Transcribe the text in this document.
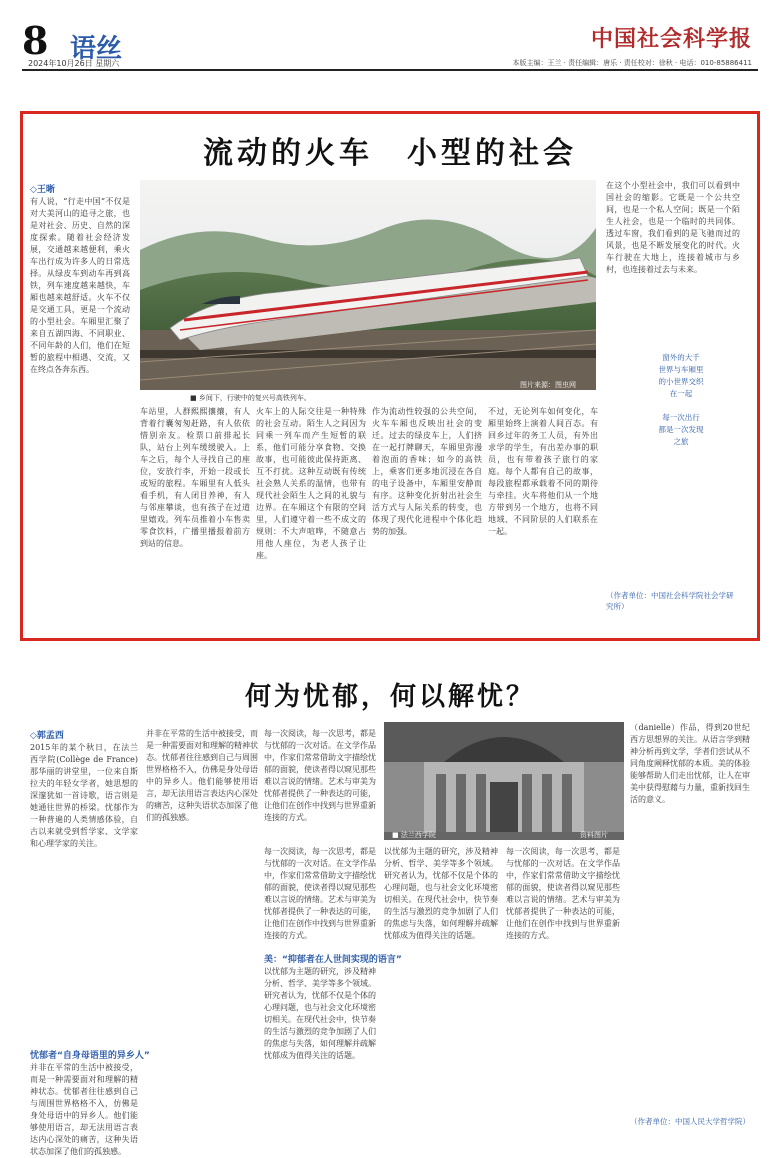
8 语丝
2024年10月26日 星期六
中国社会科学报
本版主编：王兰 · 责任编辑：唐乐 · 责任校对：徐秋 · 电话：010-85886411
流动的火车　小型的社会
◇王晰
有人说，“行走中国”不仅是对大美河山的追寻之旅，也是对社会、历史、自然的深度探索。随着社会经济发展，交通越来越便利，乘火车出行成为许多人的日常选择。从绿皮车到动车再到高铁，列车速度越来越快，车厢也越来越舒适。火车不仅是交通工具，更是一个流动的小型社会。车厢里汇聚了来自五湖四海、不同职业、不同年龄的人们，他们在短暂的旅程中相遇、交流，又在终点各奔东西。
■ 乡间下，行驶中的复兴号高铁列车。
图片来源：图虫网
车站里，人群熙熙攘攘，有人背着行囊匆匆赶路，有人依依惜别亲友。检票口前排起长队，站台上列车缓缓驶入。上车之后，每个人寻找自己的座位，安放行李，开始一段或长或短的旅程。车厢里有人低头看手机，有人闭目养神，有人与邻座攀谈，也有孩子在过道里嬉戏。列车员推着小车售卖零食饮料，广播里播报着前方到站的信息。
火车上的人际交往是一种特殊的社会互动。陌生人之间因为同乘一列车而产生短暂的联系，他们可能分享食物、交换故事，也可能彼此保持距离、互不打扰。这种互动既有传统社会熟人关系的温情，也带有现代社会陌生人之间的礼貌与边界。在车厢这个有限的空间里，人们遵守着一些不成文的规则：不大声喧哗，不随意占用他人座位，为老人孩子让座。
作为流动性较强的公共空间，火车车厢也反映出社会的变迁。过去的绿皮车上，人们挤在一起打牌聊天，车厢里弥漫着泡面的香味；如今的高铁上，乘客们更多地沉浸在各自的电子设备中，车厢里安静而有序。这种变化折射出社会生活方式与人际关系的转变，也体现了现代化进程中个体化趋势的加强。
不过，无论列车如何变化，车厢里始终上演着人间百态。有回乡过年的务工人员，有外出求学的学生，有出差办事的职员，也有带着孩子旅行的家庭。每个人都有自己的故事，每段旅程都承载着不同的期待与牵挂。火车将他们从一个地方带到另一个地方，也将不同地域、不同阶层的人们联系在一起。
在这个小型社会中，我们可以看到中国社会的缩影。它既是一个公共空间，也是一个私人空间；既是一个陌生人社会，也是一个临时的共同体。透过车窗，我们看到的是飞驰而过的风景，也是不断发展变化的时代。火车行驶在大地上，连接着城市与乡村，也连接着过去与未来。
窗外的大千
世界与车厢里
的小世界交织
在一起

每一次出行
都是一次发现
之旅
（作者单位：中国社会科学院社会学研究所）
何为忧郁，何以解忧？
◇郭孟西
2015年的某个秋日，在法兰西学院(Collège de France)那华丽的讲堂里，一位来自斯拉夫的年轻女学者，她思想的深邃犹如一首诗歌，语言则是她通往世界的桥梁。忧郁作为一种普遍的人类情感体验，自古以来就受到哲学家、文学家和心理学家的关注。
忧郁者“自身母语里的异乡人”
并非在平常的生活中被接受，而是一种需要面对和理解的精神状态。忧郁者往往感到自己与周围世界格格不入，仿佛是身处母语中的异乡人。他们能够使用语言，却无法用语言表达内心深处的痛苦，这种失语状态加深了他们的孤独感。
并非在平常的生活中被接受，而是一种需要面对和理解的精神状态。忧郁者往往感到自己与周围世界格格不入，仿佛是身处母语中的异乡人。他们能够使用语言，却无法用语言表达内心深处的痛苦，这种失语状态加深了他们的孤独感。
每一次阅读，每一次思考，都是与忧郁的一次对话。在文学作品中，作家们常常借助文字描绘忧郁的面貌，使读者得以窥见那些难以言说的情绪。艺术与审美为忧郁者提供了一种表达的可能，让他们在创作中找到与世界重新连接的方式。
■ 法兰西学院	资料图片
每一次阅读，每一次思考，都是与忧郁的一次对话。在文学作品中，作家们常常借助文字描绘忧郁的面貌，使读者得以窥见那些难以言说的情绪。艺术与审美为忧郁者提供了一种表达的可能，让他们在创作中找到与世界重新连接的方式。
美：“抑郁者在人世间实现的语言”
以忧郁为主题的研究，涉及精神分析、哲学、美学等多个领域。研究者认为，忧郁不仅是个体的心理问题，也与社会文化环境密切相关。在现代社会中，快节奏的生活与激烈的竞争加剧了人们的焦虑与失落，如何理解并疏解忧郁成为值得关注的话题。
以忧郁为主题的研究，涉及精神分析、哲学、美学等多个领域。研究者认为，忧郁不仅是个体的心理问题，也与社会文化环境密切相关。在现代社会中，快节奏的生活与激烈的竞争加剧了人们的焦虑与失落，如何理解并疏解忧郁成为值得关注的话题。
每一次阅读，每一次思考，都是与忧郁的一次对话。在文学作品中，作家们常常借助文字描绘忧郁的面貌，使读者得以窥见那些难以言说的情绪。艺术与审美为忧郁者提供了一种表达的可能，让他们在创作中找到与世界重新连接的方式。
（danielle）作品，得到20世纪西方思想界的关注。从语言学到精神分析再到文学，学者们尝试从不同角度阐释忧郁的本质。美的体验能够帮助人们走出忧郁，让人在审美中获得慰藉与力量，重新找回生活的意义。
（作者单位：中国人民大学哲学院）
